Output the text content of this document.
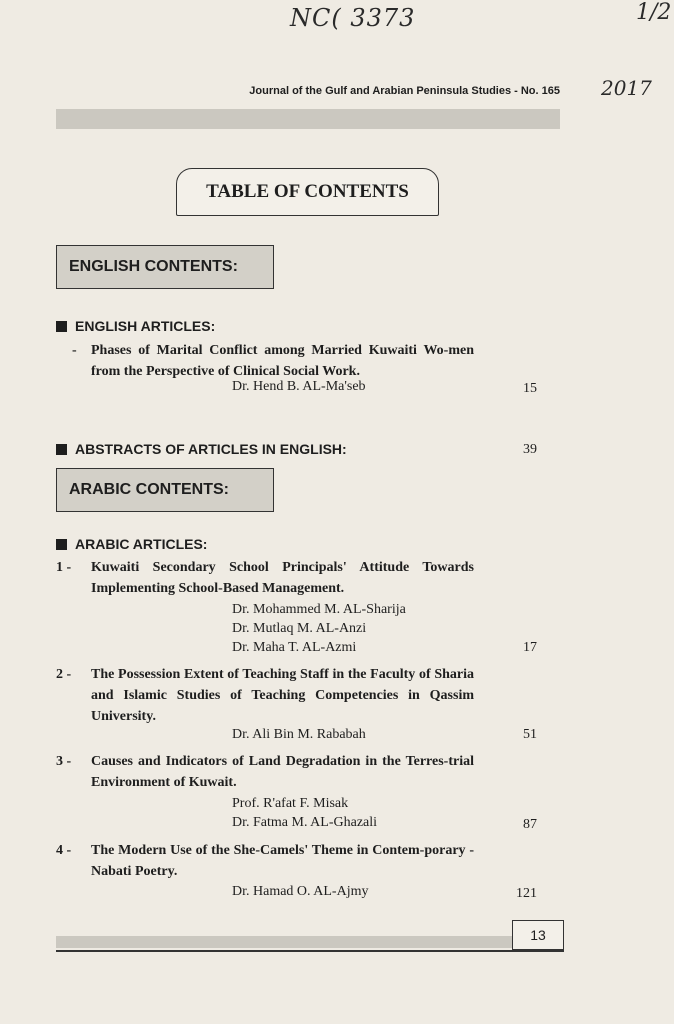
NC( 3373	1/2
2017
Journal of the Gulf and Arabian Peninsula Studies - No. 165
TABLE OF CONTENTS
ENGLISH CONTENTS:
ENGLISH ARTICLES:
- Phases of Marital Conflict among Married Kuwaiti Wo-men from the Perspective of Clinical Social Work.
Dr. Hend B. AL-Ma'seb	15
ABSTRACTS OF ARTICLES IN ENGLISH:	39
ARABIC CONTENTS:
ARABIC ARTICLES:
1 - Kuwaiti Secondary School Principals' Attitude Towards Implementing School-Based Management.
Dr. Mohammed M. AL-Sharija
Dr. Mutlaq M. AL-Anzi
Dr. Maha T. AL-Azmi	17
2 - The Possession Extent of Teaching Staff in the Faculty of Sharia and Islamic Studies of Teaching Competencies in Qassim University.
Dr. Ali Bin M. Rababah	51
3 - Causes and Indicators of Land Degradation in the Terres-trial Environment of Kuwait.
Prof. R'afat F. Misak
Dr. Fatma M. AL-Ghazali	87
4 - The Modern Use of the She-Camels' Theme in Contem-porary - Nabati Poetry.
Dr. Hamad O. AL-Ajmy	121
13
